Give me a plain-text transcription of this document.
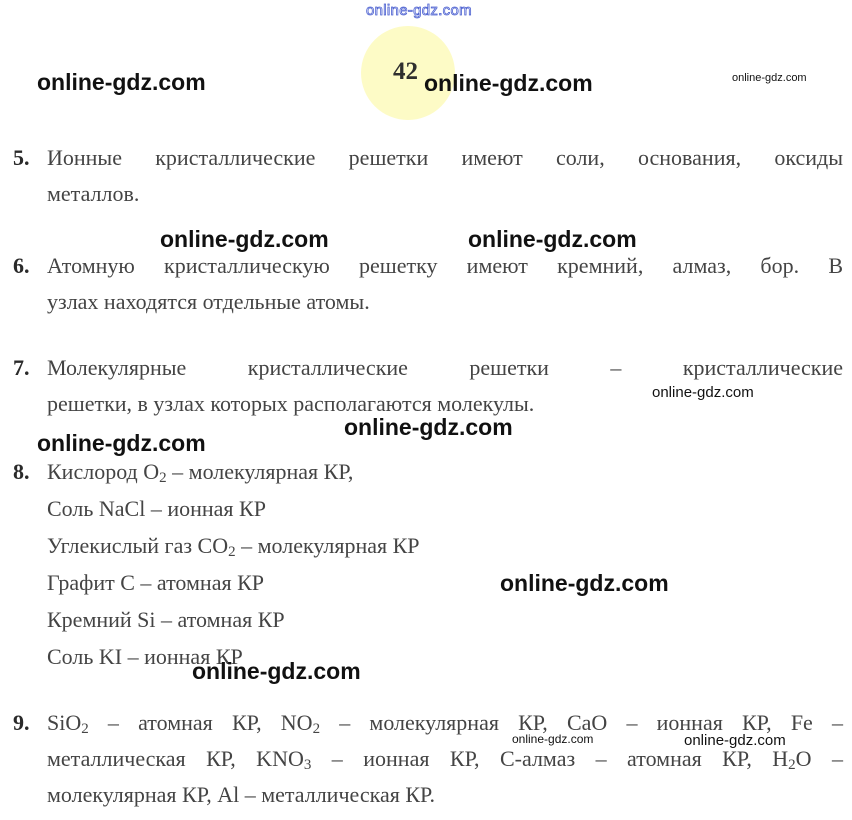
42
5. Ионные кристаллические решетки имеют соли, основания, оксиды
металлов.
6. Атомную кристаллическую решетку имеют кремний, алмаз, бор. В
узлах находятся отдельные атомы.
7. Молекулярные кристаллические решетки – кристаллические
решетки, в узлах которых располагаются молекулы.
8. Кислород $О_2$ – молекулярная КР,
Соль NaCl – ионная КР
Углекислый газ $СО_2$ – молекулярная КР
Графит С – атомная КР
Кремний Si – атомная КР
Соль KI – ионная КР
9. SiO$_2$ – атомная КР, $NO_2$ – молекулярная КР, СаО – ионная КР, Fe –
металлическая КР, $KNO_3$ – ионная КР, С-алмаз – атомная КР, $H_2O$ –
молекулярная КР, Al – металлическая КР.
online-gdz.com
online-gdz.com	online-gdz.com	online-gdz.com
online-gdz.com	online-gdz.com
online-gdz.com
online-gdz.com
online-gdz.com
online-gdz.com
online-gdz.com
online-gdz.com	online-gdz.com
